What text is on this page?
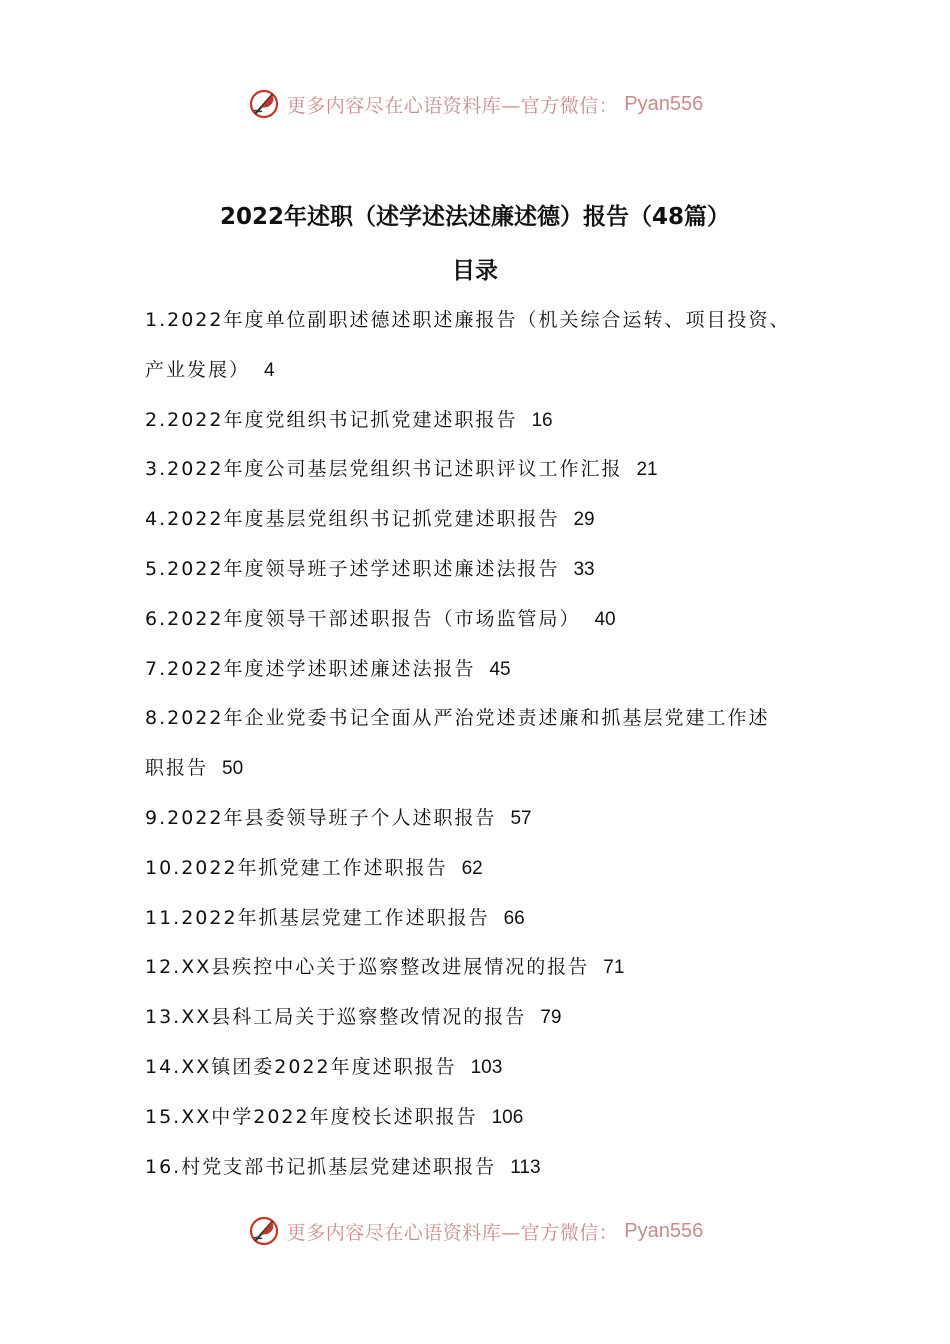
更多内容尽在心语资料库—官方微信： Pyan556
2022年述职（述学述法述廉述德）报告（48篇）
目录
1.2022年度单位副职述德述职述廉报告（机关综合运转、项目投资、
产业发展） 4
2.2022年度党组织书记抓党建述职报告 16
3.2022年度公司基层党组织书记述职评议工作汇报 21
4.2022年度基层党组织书记抓党建述职报告 29
5.2022年度领导班子述学述职述廉述法报告 33
6.2022年度领导干部述职报告（市场监管局） 40
7.2022年度述学述职述廉述法报告 45
8.2022年企业党委书记全面从严治党述责述廉和抓基层党建工作述
职报告 50
9.2022年县委领导班子个人述职报告 57
10.2022年抓党建工作述职报告 62
11.2022年抓基层党建工作述职报告 66
12.XX县疾控中心关于巡察整改进展情况的报告 71
13.XX县科工局关于巡察整改情况的报告 79
14.XX镇团委2022年度述职报告 103
15.XX中学2022年度校长述职报告 106
16.村党支部书记抓基层党建述职报告 113
更多内容尽在心语资料库—官方微信： Pyan556
